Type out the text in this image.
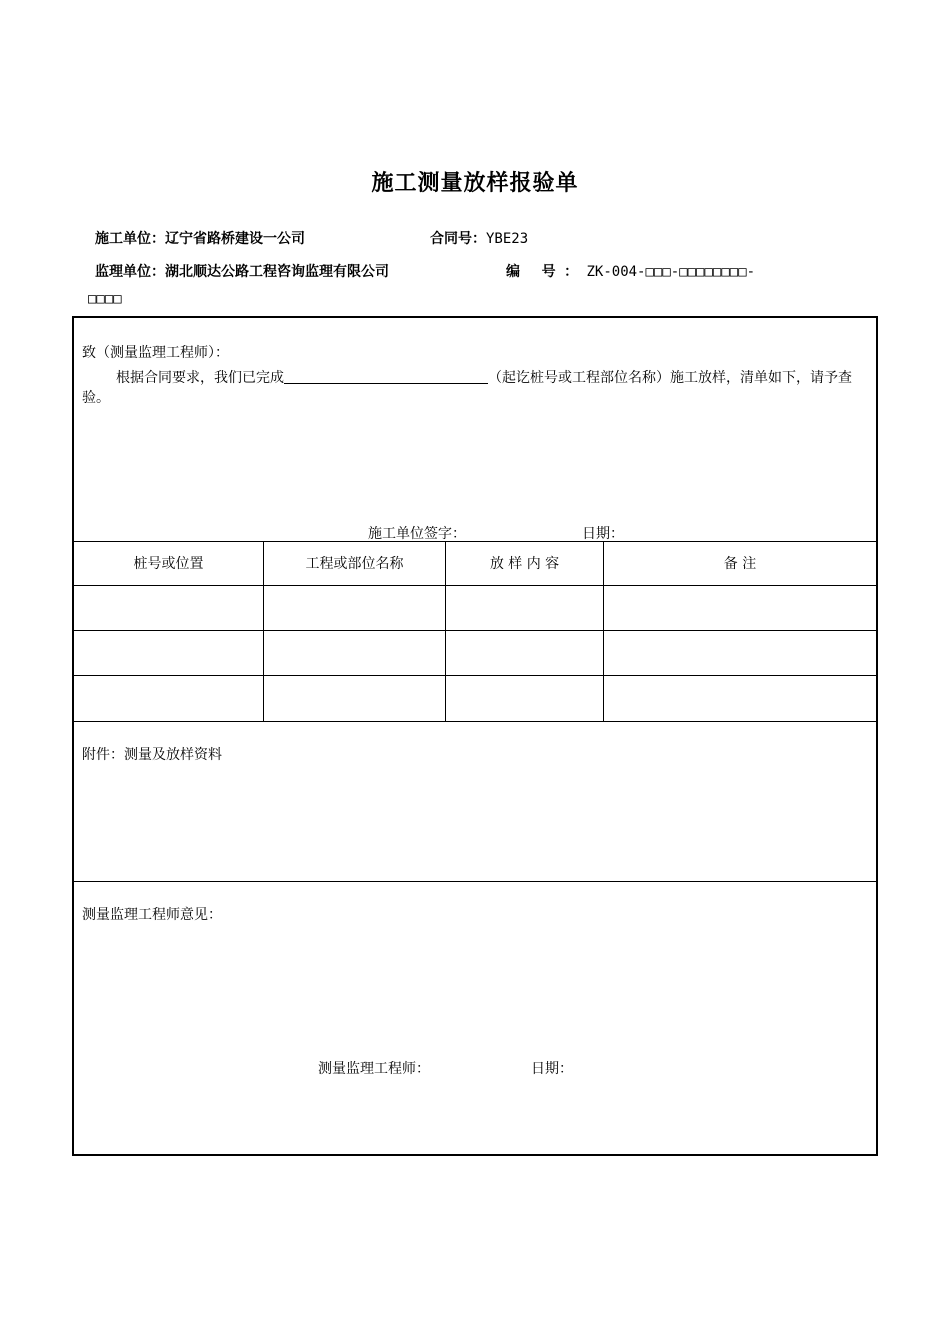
施工测量放样报验单
施工单位：辽宁省路桥建设一公司	合同号：YBE23
监理单位：湖北顺达公路工程咨询监理有限公司	编 号：ZK-004-□□□-□□□□□□□□-
□□□□
致（测量监理工程师）：
根据合同要求，我们已完成	（起讫桩号或工程部位名称）施工放样，清单如下，请予查验。
施工单位签字：	日期：
桩号或位置	工程或部位名称	放 样 内 容	备 注
附件：测量及放样资料
测量监理工程师意见：
测量监理工程师：	日期：
